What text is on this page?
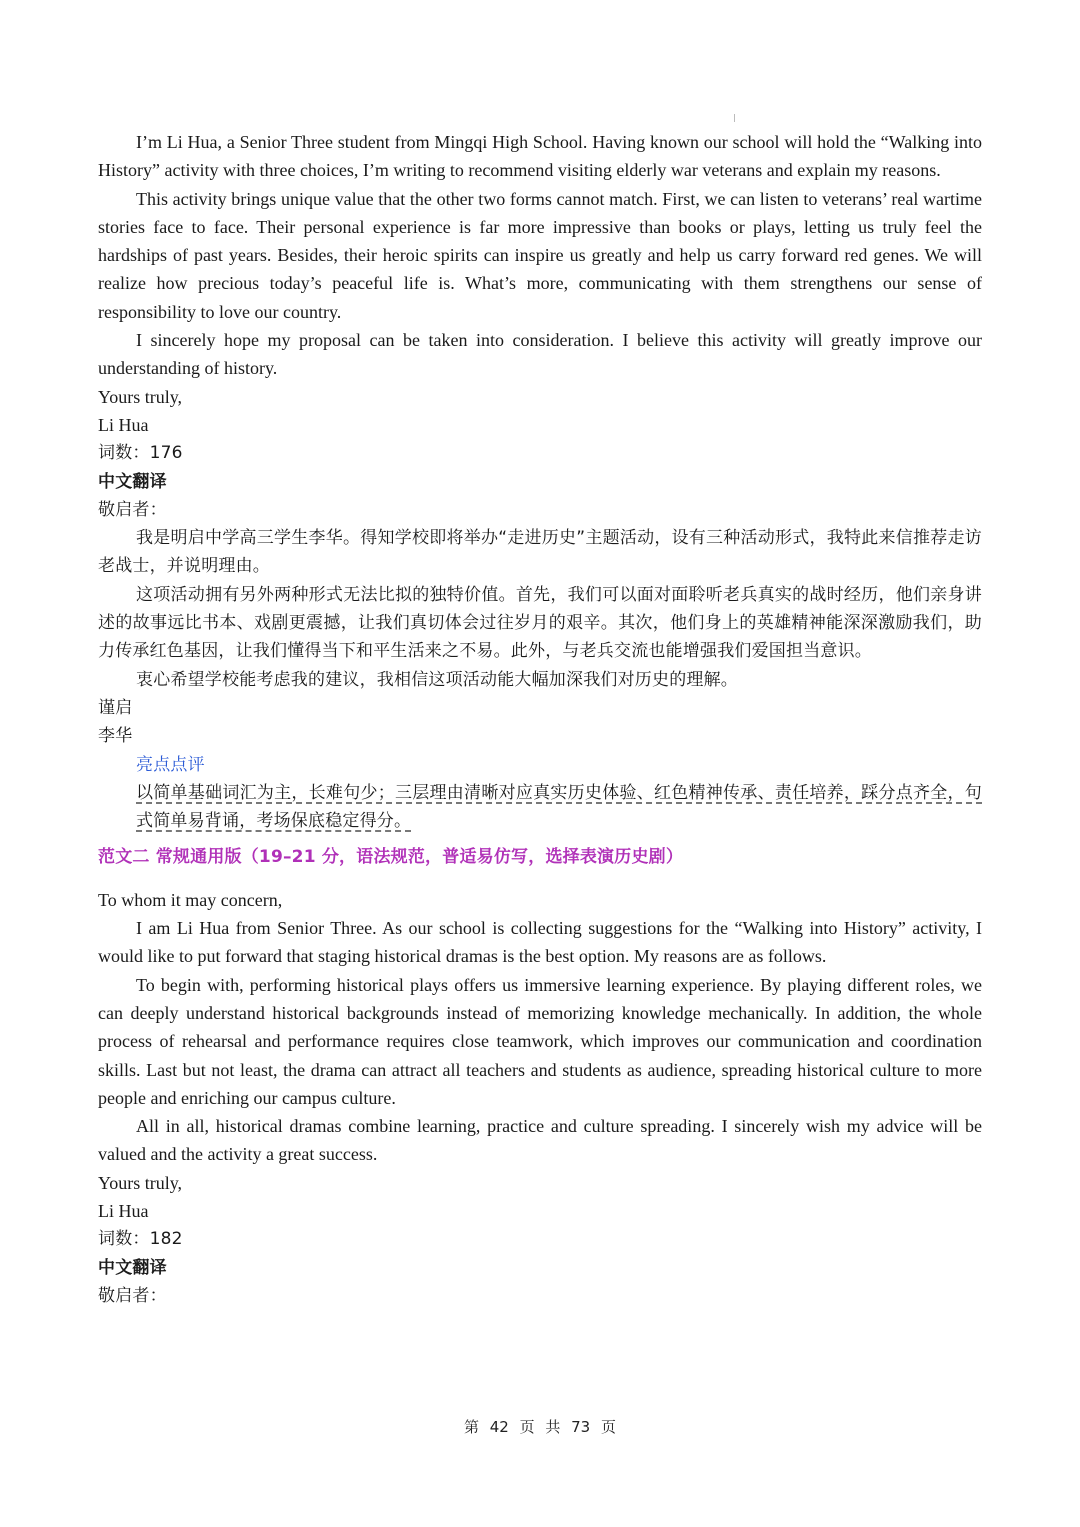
I’m Li Hua, a Senior Three student from Mingqi High School. Having known our school will hold the “Walking into History” activity with three choices, I’m writing to recommend visiting elderly war veterans and explain my reasons.

This activity brings unique value that the other two forms cannot match. First, we can listen to veterans’ real wartime stories face to face. Their personal experience is far more impressive than books or plays, letting us truly feel the hardships of past years. Besides, their heroic spirits can inspire us greatly and help us carry forward red genes. We will realize how precious today’s peaceful life is. What’s more, communicating with them strengthens our sense of responsibility to love our country.

I sincerely hope my proposal can be taken into consideration. I believe this activity will greatly improve our understanding of history.

Yours truly,

Li Hua

词数：176

中文翻译

敬启者：

我是明启中学高三学生李华。得知学校即将举办“走进历史”主题活动，设有三种活动形式，我特此来信推荐走访老战士，并说明理由。

这项活动拥有另外两种形式无法比拟的独特价值。首先，我们可以面对面聆听老兵真实的战时经历，他们亲身讲述的故事远比书本、戏剧更震撼，让我们真切体会过往岁月的艰辛。其次，他们身上的英雄精神能深深激励我们，助力传承红色基因，让我们懂得当下和平生活来之不易。此外，与老兵交流也能增强我们爱国担当意识。

衷心希望学校能考虑我的建议，我相信这项活动能大幅加深我们对历史的理解。

谨启

李华

亮点点评

以简单基础词汇为主，长难句少；三层理由清晰对应真实历史体验、红色精神传承、责任培养，踩分点齐全，句式简单易背诵，考场保底稳定得分。

范文二 常规通用版（19–21 分，语法规范，普适易仿写，选择表演历史剧）

To whom it may concern,

I am Li Hua from Senior Three. As our school is collecting suggestions for the “Walking into History” activity, I would like to put forward that staging historical dramas is the best option. My reasons are as follows.

To begin with, performing historical plays offers us immersive learning experience. By playing different roles, we can deeply understand historical backgrounds instead of memorizing knowledge mechanically. In addition, the whole process of rehearsal and performance requires close teamwork, which improves our communication and coordination skills. Last but not least, the drama can attract all teachers and students as audience, spreading historical culture to more people and enriching our campus culture.

All in all, historical dramas combine learning, practice and culture spreading. I sincerely wish my advice will be valued and the activity a great success.

Yours truly,

Li Hua

词数：182

中文翻译

敬启者：

第 42 页 共 73 页
